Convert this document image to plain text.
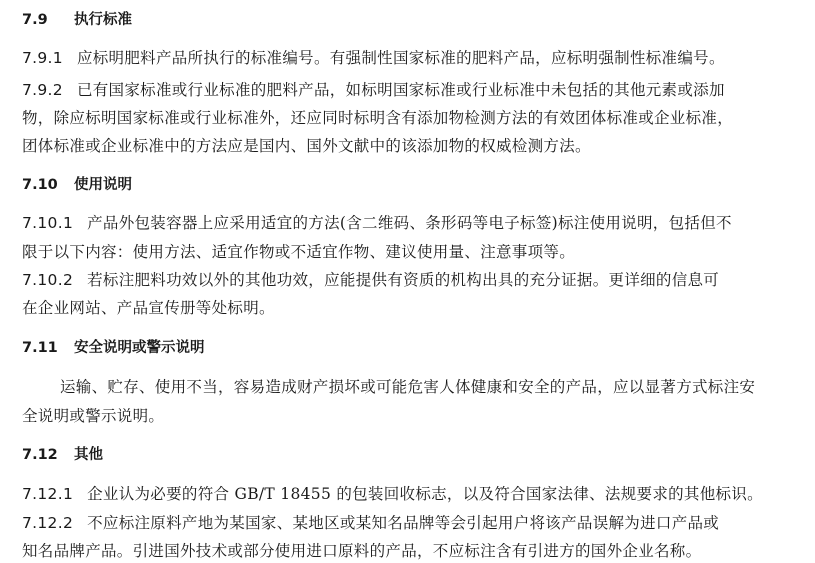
7.9 执行标准
7.9.1 应标明肥料产品所执行的标准编号。有强制性国家标准的肥料产品，应标明强制性标准编号。
7.9.2 已有国家标准或行业标准的肥料产品，如标明国家标准或行业标准中未包括的其他元素或添加
物，除应标明国家标准或行业标准外，还应同时标明含有添加物检测方法的有效团体标准或企业标准，
团体标准或企业标准中的方法应是国内、国外文献中的该添加物的权威检测方法。
7.10 使用说明
7.10.1 产品外包装容器上应采用适宜的方法(含二维码、条形码等电子标签)标注使用说明，包括但不
限于以下内容：使用方法、适宜作物或不适宜作物、建议使用量、注意事项等。
7.10.2 若标注肥料功效以外的其他功效，应能提供有资质的机构出具的充分证据。更详细的信息可
在企业网站、产品宣传册等处标明。
7.11 安全说明或警示说明
运输、贮存、使用不当，容易造成财产损坏或可能危害人体健康和安全的产品，应以显著方式标注安
全说明或警示说明。
7.12 其他
7.12.1 企业认为必要的符合 GB/T 18455 的包装回收标志，以及符合国家法律、法规要求的其他标识。
7.12.2 不应标注原料产地为某国家、某地区或某知名品牌等会引起用户将该产品误解为进口产品或
知名品牌产品。引进国外技术或部分使用进口原料的产品，不应标注含有引进方的国外企业名称。
